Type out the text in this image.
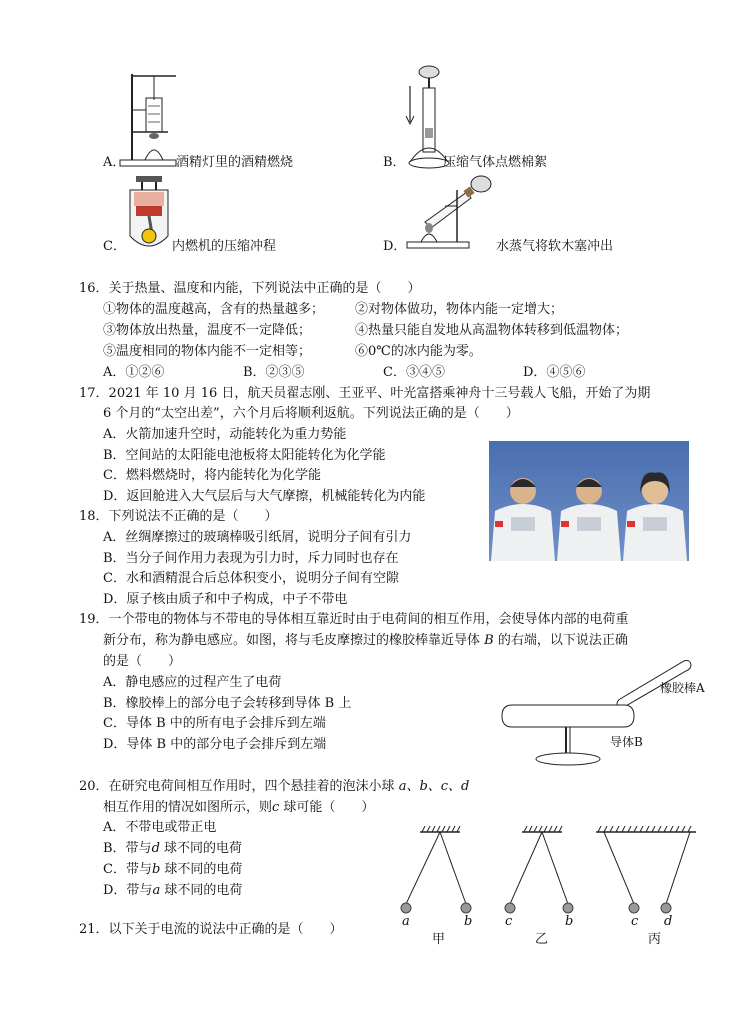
A．	酒精灯里的酒精燃烧	B．	压缩气体点燃棉絮
C．	内燃机的压缩冲程	D．	水蒸气将软木塞冲出
16．关于热量、温度和内能，下列说法中正确的是（　　）
①物体的温度越高，含有的热量越多； ②对物体做功，物体内能一定增大；
③物体放出热量，温度不一定降低；	④热量只能自发地从高温物体转移到低温物体；
⑤温度相同的物体内能不一定相等；	⑥0℃的冰内能为零。
A．①②⑥	B．②③⑤	C．③④⑤	D．④⑤⑥
17．2021 年 10 月 16 日，航天员翟志刚、王亚平、叶光富搭乘神舟十三号载人飞船，开始了为期
6 个月的“太空出差”，六个月后将顺利返航。下列说法正确的是（　　）
A．火箭加速升空时，动能转化为重力势能
B．空间站的太阳能电池板将太阳能转化为化学能
C．燃料燃烧时，将内能转化为化学能
D．返回舱进入大气层后与大气摩擦，机械能转化为内能
18．下列说法不正确的是（　　）
A．丝绸摩擦过的玻璃棒吸引纸屑，说明分子间有引力
B．当分子间作用力表现为引力时，斥力同时也存在
C．水和酒精混合后总体积变小，说明分子间有空隙
D．原子核由质子和中子构成，中子不带电
19．一个带电的物体与不带电的导体相互靠近时由于电荷间的相互作用，会使导体内部的电荷重
新分布，称为静电感应。如图，将与毛皮摩擦过的橡胶棒靠近导体 B 的右端，以下说法正确
的是（　　）
A．静电感应的过程产生了电荷
B．橡胶棒上的部分电子会转移到导体 B 上
C．导体 B 中的所有电子会排斥到左端
D．导体 B 中的部分电子会排斥到左端
橡胶棒A
导体B
20．在研究电荷间相互作用时，四个悬挂着的泡沫小球 a、b、c、d
相互作用的情况如图所示，则c 球可能（　　）
A．不带电或带正电
B．带与d 球不同的电荷
C．带与b 球不同的电荷
D．带与a 球不同的电荷
a	b	c	b	c d
甲	乙	丙
21．以下关于电流的说法中正确的是（　　）
